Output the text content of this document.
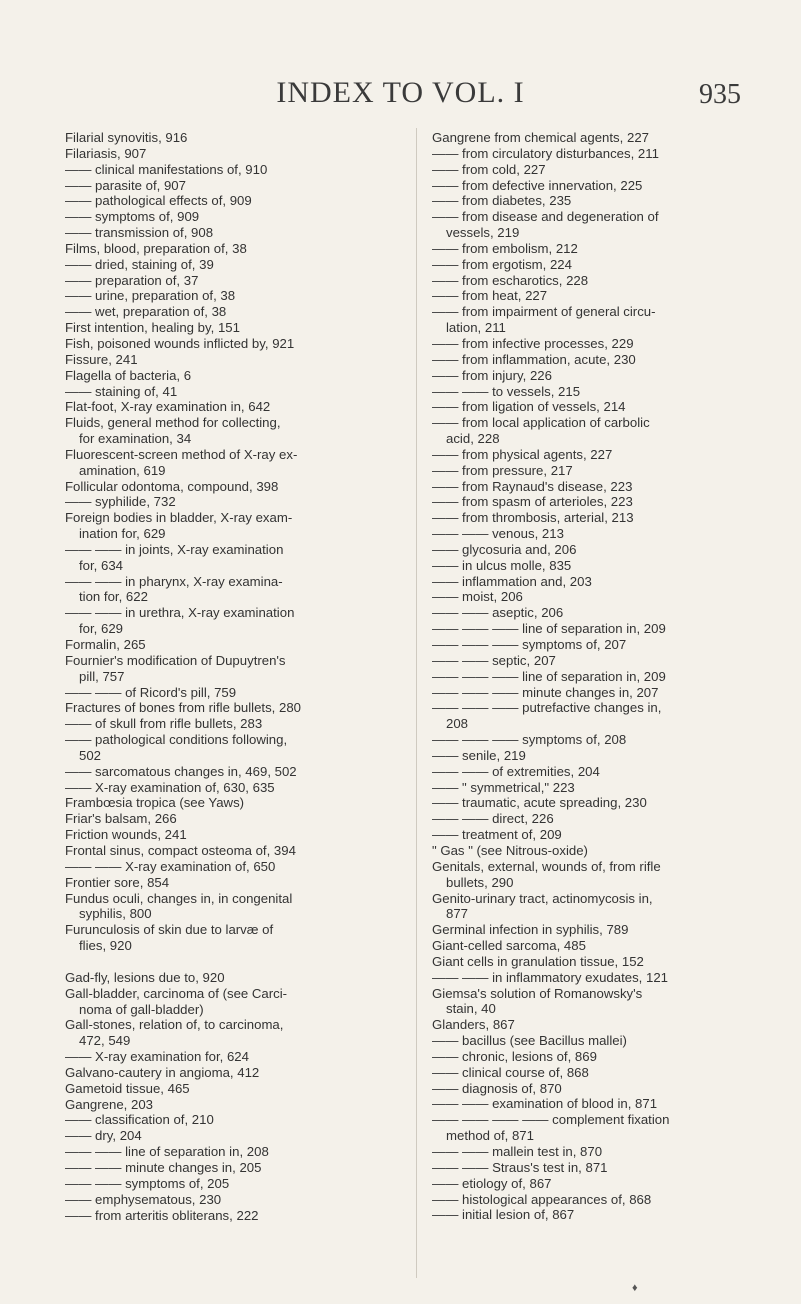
INDEX TO VOL. I	935
Filarial synovitis, 916
Filariasis, 907
—— clinical manifestations of, 910
—— parasite of, 907
—— pathological effects of, 909
—— symptoms of, 909
—— transmission of, 908
Films, blood, preparation of, 38
—— dried, staining of, 39
—— preparation of, 37
—— urine, preparation of, 38
—— wet, preparation of, 38
First intention, healing by, 151
Fish, poisoned wounds inflicted by, 921
Fissure, 241
Flagella of bacteria, 6
—— staining of, 41
Flat-foot, X-ray examination in, 642
Fluids, general method for collecting,
for examination, 34
Fluorescent-screen method of X-ray ex-
amination, 619
Follicular odontoma, compound, 398
—— syphilide, 732
Foreign bodies in bladder, X-ray exam-
ination for, 629
—— —— in joints, X-ray examination
for, 634
—— —— in pharynx, X-ray examina-
tion for, 622
—— —— in urethra, X-ray examination
for, 629
Formalin, 265
Fournier's modification of Dupuytren's
pill, 757
—— —— of Ricord's pill, 759
Fractures of bones from rifle bullets, 280
—— of skull from rifle bullets, 283
—— pathological conditions following,
502
—— sarcomatous changes in, 469, 502
—— X-ray examination of, 630, 635
Frambœsia tropica (see Yaws)
Friar's balsam, 266
Friction wounds, 241
Frontal sinus, compact osteoma of, 394
—— —— X-ray examination of, 650
Frontier sore, 854
Fundus oculi, changes in, in congenital
syphilis, 800
Furunculosis of skin due to larvæ of
flies, 920
Gad-fly, lesions due to, 920
Gall-bladder, carcinoma of (see Carci-
noma of gall-bladder)
Gall-stones, relation of, to carcinoma,
472, 549
—— X-ray examination for, 624
Galvano-cautery in angioma, 412
Gametoid tissue, 465
Gangrene, 203
—— classification of, 210
—— dry, 204
—— —— line of separation in, 208
—— —— minute changes in, 205
—— —— symptoms of, 205
—— emphysematous, 230
—— from arteritis obliterans, 222
Gangrene from chemical agents, 227
—— from circulatory disturbances, 211
—— from cold, 227
—— from defective innervation, 225
—— from diabetes, 235
—— from disease and degeneration of
vessels, 219
—— from embolism, 212
—— from ergotism, 224
—— from escharotics, 228
—— from heat, 227
—— from impairment of general circu-
lation, 211
—— from infective processes, 229
—— from inflammation, acute, 230
—— from injury, 226
—— —— to vessels, 215
—— from ligation of vessels, 214
—— from local application of carbolic
acid, 228
—— from physical agents, 227
—— from pressure, 217
—— from Raynaud's disease, 223
—— from spasm of arterioles, 223
—— from thrombosis, arterial, 213
—— —— venous, 213
—— glycosuria and, 206
—— in ulcus molle, 835
—— inflammation and, 203
—— moist, 206
—— —— aseptic, 206
—— —— —— line of separation in, 209
—— —— —— symptoms of, 207
—— —— septic, 207
—— —— —— line of separation in, 209
—— —— —— minute changes in, 207
—— —— —— putrefactive changes in,
208
—— —— —— symptoms of, 208
—— senile, 219
—— —— of extremities, 204
—— " symmetrical," 223
—— traumatic, acute spreading, 230
—— —— direct, 226
—— treatment of, 209
" Gas " (see Nitrous-oxide)
Genitals, external, wounds of, from rifle
bullets, 290
Genito-urinary tract, actinomycosis in,
877
Germinal infection in syphilis, 789
Giant-celled sarcoma, 485
Giant cells in granulation tissue, 152
—— —— in inflammatory exudates, 121
Giemsa's solution of Romanowsky's
stain, 40
Glanders, 867
—— bacillus (see Bacillus mallei)
—— chronic, lesions of, 869
—— clinical course of, 868
—— diagnosis of, 870
—— —— examination of blood in, 871
—— —— —— —— complement fixation
method of, 871
—— —— mallein test in, 870
—— —— Straus's test in, 871
—— etiology of, 867
—— histological appearances of, 868
—— initial lesion of, 867
♦
